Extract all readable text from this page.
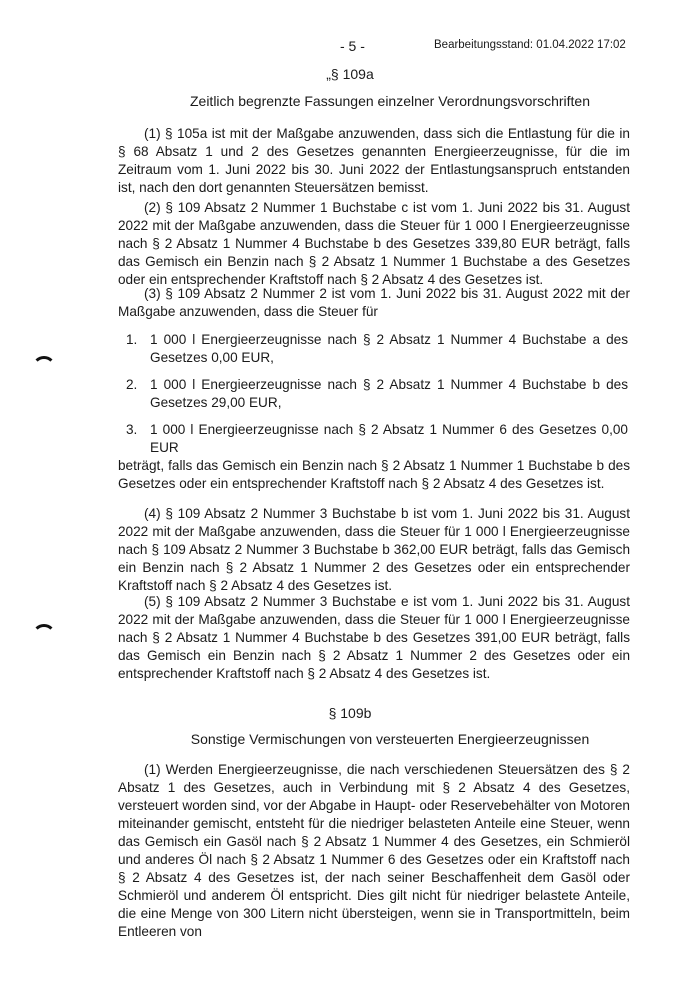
- 5 -	Bearbeitungsstand: 01.04.2022 17:02
„§ 109a
Zeitlich begrenzte Fassungen einzelner Verordnungsvorschriften
(1) § 105a ist mit der Maßgabe anzuwenden, dass sich die Entlastung für die in § 68 Absatz 1 und 2 des Gesetzes genannten Energieerzeugnisse, für die im Zeitraum vom 1. Juni 2022 bis 30. Juni 2022 der Entlastungsanspruch entstanden ist, nach den dort genannten Steuersätzen bemisst.
(2) § 109 Absatz 2 Nummer 1 Buchstabe c ist vom 1. Juni 2022 bis 31. August 2022 mit der Maßgabe anzuwenden, dass die Steuer für 1 000 l Energieerzeugnisse nach § 2 Absatz 1 Nummer 4 Buchstabe b des Gesetzes 339,80 EUR beträgt, falls das Gemisch ein Benzin nach § 2 Absatz 1 Nummer 1 Buchstabe a des Gesetzes oder ein entsprechender Kraftstoff nach § 2 Absatz 4 des Gesetzes ist.
(3) § 109 Absatz 2 Nummer 2 ist vom 1. Juni 2022 bis 31. August 2022 mit der Maßgabe anzuwenden, dass die Steuer für
1. 1 000 l Energieerzeugnisse nach § 2 Absatz 1 Nummer 4 Buchstabe a des Gesetzes 0,00 EUR,
2. 1 000 l Energieerzeugnisse nach § 2 Absatz 1 Nummer 4 Buchstabe b des Gesetzes 29,00 EUR,
3. 1 000 l Energieerzeugnisse nach § 2 Absatz 1 Nummer 6 des Gesetzes 0,00 EUR
beträgt, falls das Gemisch ein Benzin nach § 2 Absatz 1 Nummer 1 Buchstabe b des Gesetzes oder ein entsprechender Kraftstoff nach § 2 Absatz 4 des Gesetzes ist.
(4) § 109 Absatz 2 Nummer 3 Buchstabe b ist vom 1. Juni 2022 bis 31. August 2022 mit der Maßgabe anzuwenden, dass die Steuer für 1 000 l Energieerzeugnisse nach § 109 Absatz 2 Nummer 3 Buchstabe b 362,00 EUR beträgt, falls das Gemisch ein Benzin nach § 2 Absatz 1 Nummer 2 des Gesetzes oder ein entsprechender Kraftstoff nach § 2 Absatz 4 des Gesetzes ist.
(5) § 109 Absatz 2 Nummer 3 Buchstabe e ist vom 1. Juni 2022 bis 31. August 2022 mit der Maßgabe anzuwenden, dass die Steuer für 1 000 l Energieerzeugnisse nach § 2 Absatz 1 Nummer 4 Buchstabe b des Gesetzes 391,00 EUR beträgt, falls das Gemisch ein Benzin nach § 2 Absatz 1 Nummer 2 des Gesetzes oder ein entsprechender Kraftstoff nach § 2 Absatz 4 des Gesetzes ist.
§ 109b
Sonstige Vermischungen von versteuerten Energieerzeugnissen
(1) Werden Energieerzeugnisse, die nach verschiedenen Steuersätzen des § 2 Absatz 1 des Gesetzes, auch in Verbindung mit § 2 Absatz 4 des Gesetzes, versteuert worden sind, vor der Abgabe in Haupt- oder Reservebehälter von Motoren miteinander gemischt, entsteht für die niedriger belasteten Anteile eine Steuer, wenn das Gemisch ein Gasöl nach § 2 Absatz 1 Nummer 4 des Gesetzes, ein Schmieröl und anderes Öl nach § 2 Absatz 1 Nummer 6 des Gesetzes oder ein Kraftstoff nach § 2 Absatz 4 des Gesetzes ist, der nach seiner Beschaffenheit dem Gasöl oder Schmieröl und anderem Öl entspricht. Dies gilt nicht für niedriger belastete Anteile, die eine Menge von 300 Litern nicht übersteigen, wenn sie in Transportmitteln, beim Entleeren von
